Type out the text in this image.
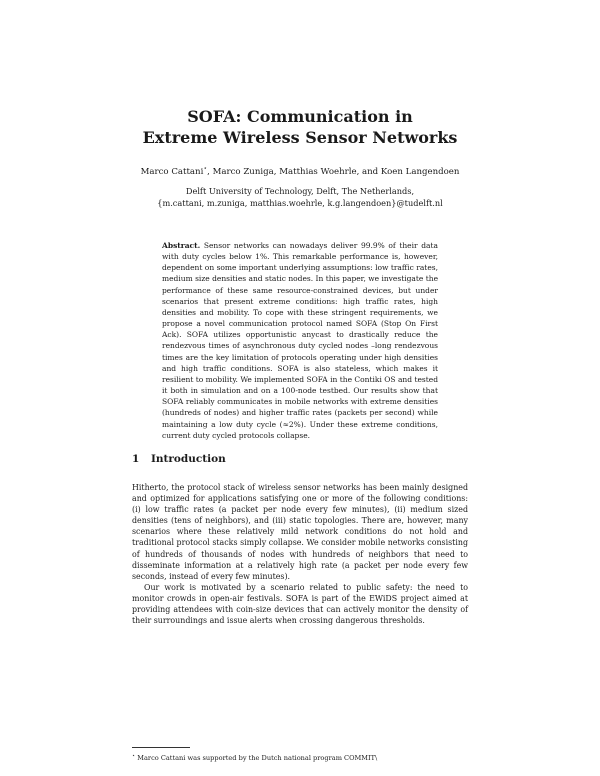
SOFA: Communication in
Extreme Wireless Sensor Networks
Marco Cattani⋆, Marco Zuniga, Matthias Woehrle, and Koen Langendoen
Delft University of Technology, Delft, The Netherlands,
{m.cattani, m.zuniga, matthias.woehrle, k.g.langendoen}@tudelft.nl
Abstract. Sensor networks can nowadays deliver 99.9% of their data with duty cycles below 1%. This remarkable performance is, however, dependent on some important underlying assumptions: low traffic rates, medium size densities and static nodes. In this paper, we investigate the performance of these same resource-constrained devices, but under scenarios that present extreme conditions: high traffic rates, high densities and mobility. To cope with these stringent requirements, we propose a novel communication protocol named SOFA (Stop On First Ack). SOFA utilizes opportunistic anycast to drastically reduce the rendezvous times of asynchronous duty cycled nodes –long rendezvous times are the key limitation of protocols operating under high densities and high traffic conditions. SOFA is also stateless, which makes it resilient to mobility. We implemented SOFA in the Contiki OS and tested it both in simulation and on a 100-node testbed. Our results show that SOFA reliably communicates in mobile networks with extreme densities (hundreds of nodes) and higher traffic rates (packets per second) while maintaining a low duty cycle (≈2%). Under these extreme conditions, current duty cycled protocols collapse.
1 Introduction

Hitherto, the protocol stack of wireless sensor networks has been mainly designed and optimized for applications satisfying one or more of the following conditions: (i) low traffic rates (a packet per node every few minutes), (ii) medium sized densities (tens of neighbors), and (iii) static topologies. There are, however, many scenarios where these relatively mild network conditions do not hold and traditional protocol stacks simply collapse. We consider mobile networks consisting of hundreds of thousands of nodes with hundreds of neighbors that need to disseminate information at a relatively high rate (a packet per node every few seconds, instead of every few minutes).

Our work is motivated by a scenario related to public safety: the need to monitor crowds in open-air festivals. SOFA is part of the EWiDS project aimed at providing attendees with coin-size devices that can actively monitor the density of their surroundings and issue alerts when crossing dangerous thresholds.

⋆ Marco Cattani was supported by the Dutch national program COMMIT\
